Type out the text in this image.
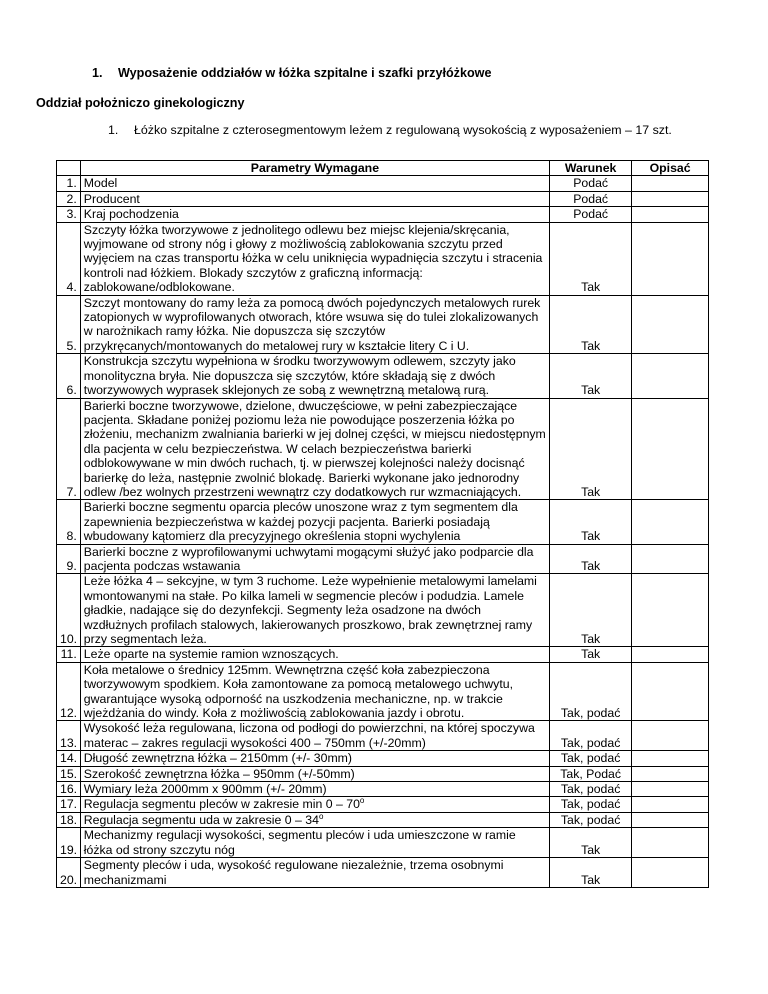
1. Wyposażenie oddziałów w łóżka szpitalne i szafki przyłóżkowe
Oddział położniczo ginekologiczny
1. Łóżko szpitalne z czterosegmentowym leżem z regulowaną wysokością z wyposażeniem – 17 szt.
	Parametry Wymagane	Warunek	Opisać
1.	Model	Podać	
2.	Producent	Podać	
3.	Kraj pochodzenia	Podać	
4.	Szczyty łóżka tworzywowe z jednolitego odlewu bez miejsc klejenia/skręcania, wyjmowane od strony nóg i głowy z możliwością zablokowania szczytu przed wyjęciem na czas transportu łóżka w celu uniknięcia wypadnięcia szczytu i stracenia kontroli nad łóżkiem. Blokady szczytów z graficzną informacją: zablokowane/odblokowane.	Tak	
5.	Szczyt montowany do ramy leża za pomocą dwóch pojedynczych metalowych rurek zatopionych w wyprofilowanych otworach, które wsuwa się do tulei zlokalizowanych w narożnikach ramy łóżka. Nie dopuszcza się szczytów przykręcanych/montowanych do metalowej rury w kształcie litery C i U.	Tak	
6.	Konstrukcja szczytu wypełniona w środku tworzywowym odlewem, szczyty jako monolityczna bryła. Nie dopuszcza się szczytów, które składają się z dwóch tworzywowych wyprasek sklejonych ze sobą z wewnętrzną metalową rurą.	Tak	
7.	Barierki boczne tworzywowe, dzielone, dwuczęściowe, w pełni zabezpieczające pacjenta. Składane poniżej poziomu leża nie powodujące poszerzenia łóżka po złożeniu, mechanizm zwalniania barierki w jej dolnej części, w miejscu niedostępnym dla pacjenta w celu bezpieczeństwa. W celach bezpieczeństwa barierki odblokowywane w min dwóch ruchach, tj. w pierwszej kolejności należy docisnąć barierkę do leża, następnie zwolnić blokadę. Barierki wykonane jako jednorodny odlew /bez wolnych przestrzeni wewnątrz czy dodatkowych rur wzmacniających.	Tak	
8.	Barierki boczne segmentu oparcia pleców unoszone wraz z tym segmentem dla zapewnienia bezpieczeństwa w każdej pozycji pacjenta. Barierki posiadają wbudowany kątomierz dla precyzyjnego określenia stopni wychylenia	Tak	
9.	Barierki boczne z wyprofilowanymi uchwytami mogącymi służyć jako podparcie dla pacjenta podczas wstawania	Tak	
10.	Leże łóżka 4 – sekcyjne, w tym 3 ruchome. Leże wypełnienie metalowymi lamelami wmontowanymi na stałe. Po kilka lameli w segmencie pleców i podudzia. Lamele gładkie, nadające się do dezynfekcji. Segmenty leża osadzone na dwóch wzdłużnych profilach stalowych, lakierowanych proszkowo, brak zewnętrznej ramy przy segmentach leża.	Tak	
11.	Leże oparte na systemie ramion wznoszących.	Tak	
12.	Koła metalowe o średnicy 125mm. Wewnętrzna część koła zabezpieczona tworzywowym spodkiem. Koła zamontowane za pomocą metalowego uchwytu, gwarantujące wysoką odporność na uszkodzenia mechaniczne, np. w trakcie wjeżdżania do windy. Koła z możliwością zablokowania jazdy i obrotu.	Tak, podać	
13.	Wysokość leża regulowana, liczona od podłogi do powierzchni, na której spoczywa materac – zakres regulacji wysokości 400 – 750mm (+/-20mm)	Tak, podać	
14.	Długość zewnętrzna łóżka – 2150mm (+/- 30mm)	Tak, podać	
15.	Szerokość zewnętrzna łóżka – 950mm (+/-50mm)	Tak, Podać	
16.	Wymiary leża 2000mm x 900mm (+/- 20mm)	Tak, podać	
17.	Regulacja segmentu pleców w zakresie min 0 – 70$^o$	Tak, podać	
18.	Regulacja segmentu uda w zakresie 0 – 34$^o$	Tak, podać	
19.	Mechanizmy regulacji wysokości, segmentu pleców i uda umieszczone w ramie łóżka od strony szczytu nóg	Tak	
20.	Segmenty pleców i uda, wysokość regulowane niezależnie, trzema osobnymi mechanizmami	Tak	
